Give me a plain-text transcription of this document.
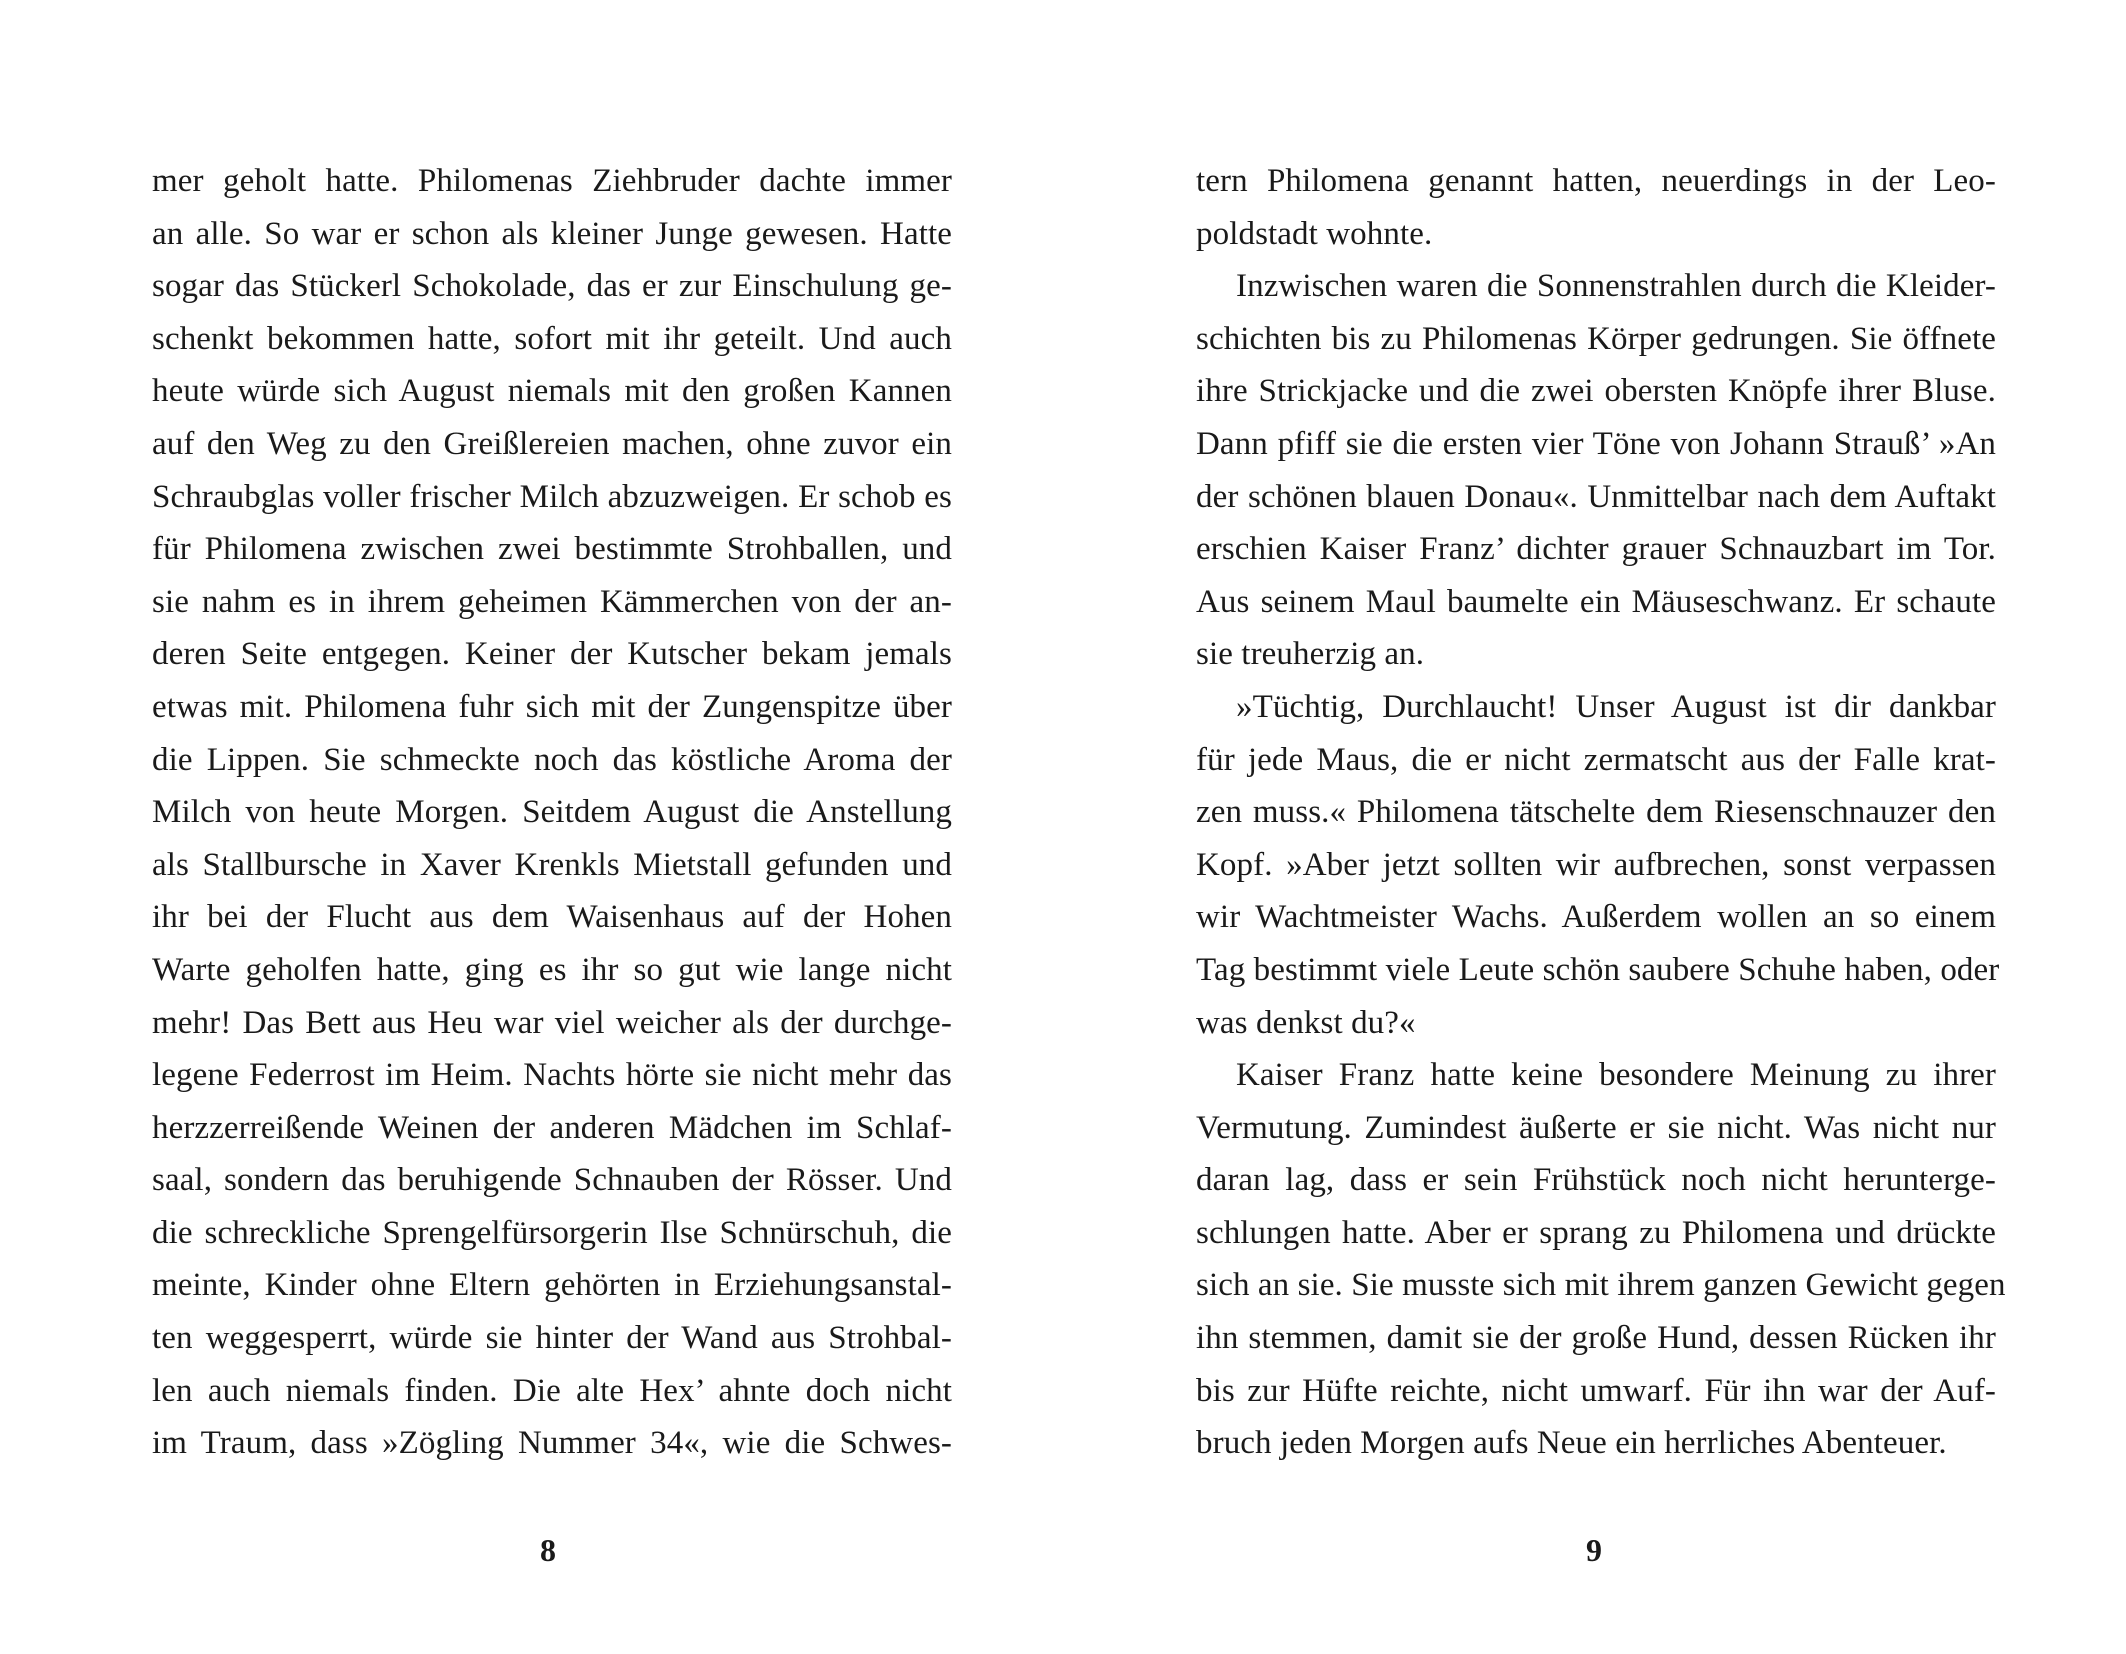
mer geholt hatte. Philomenas Ziehbruder dachte immer
an alle. So war er schon als kleiner Junge gewesen. Hatte
sogar das Stückerl Schokolade, das er zur Einschulung ge-
schenkt bekommen hatte, sofort mit ihr geteilt. Und auch
heute würde sich August niemals mit den großen Kannen
auf den Weg zu den Greißlereien machen, ohne zuvor ein
Schraubglas voller frischer Milch abzuzweigen. Er schob es
für Philomena zwischen zwei bestimmte Strohballen, und
sie nahm es in ihrem geheimen Kämmerchen von der an-
deren Seite entgegen. Keiner der Kutscher bekam jemals
etwas mit. Philomena fuhr sich mit der Zungenspitze über
die Lippen. Sie schmeckte noch das köstliche Aroma der
Milch von heute Morgen. Seitdem August die Anstellung
als Stallbursche in Xaver Krenkls Mietstall gefunden und
ihr bei der Flucht aus dem Waisenhaus auf der Hohen
Warte geholfen hatte, ging es ihr so gut wie lange nicht
mehr! Das Bett aus Heu war viel weicher als der durchge-
legene Federrost im Heim. Nachts hörte sie nicht mehr das
herzzerreißende Weinen der anderen Mädchen im Schlaf-
saal, sondern das beruhigende Schnauben der Rösser. Und
die schreckliche Sprengelfürsorgerin Ilse Schnürschuh, die
meinte, Kinder ohne Eltern gehörten in Erziehungsanstal-
ten weggesperrt, würde sie hinter der Wand aus Strohbal-
len auch niemals finden. Die alte Hex’ ahnte doch nicht
im Traum, dass »Zögling Nummer 34«, wie die Schwes-
8
tern Philomena genannt hatten, neuerdings in der Leo-
poldstadt wohnte.
Inzwischen waren die Sonnenstrahlen durch die Kleider-
schichten bis zu Philomenas Körper gedrungen. Sie öffnete
ihre Strickjacke und die zwei obersten Knöpfe ihrer Bluse.
Dann pfiff sie die ersten vier Töne von Johann Strauß’ »An
der schönen blauen Donau«. Unmittelbar nach dem Auftakt
erschien Kaiser Franz’ dichter grauer Schnauzbart im Tor.
Aus seinem Maul baumelte ein Mäuseschwanz. Er schaute
sie treuherzig an.
»Tüchtig, Durchlaucht! Unser August ist dir dankbar
für jede Maus, die er nicht zermatscht aus der Falle krat-
zen muss.« Philomena tätschelte dem Riesenschnauzer den
Kopf. »Aber jetzt sollten wir aufbrechen, sonst verpassen
wir Wachtmeister Wachs. Außerdem wollen an so einem
Tag bestimmt viele Leute schön saubere Schuhe haben, oder
was denkst du?«
Kaiser Franz hatte keine besondere Meinung zu ihrer
Vermutung. Zumindest äußerte er sie nicht. Was nicht nur
daran lag, dass er sein Frühstück noch nicht herunterge-
schlungen hatte. Aber er sprang zu Philomena und drückte
sich an sie. Sie musste sich mit ihrem ganzen Gewicht gegen
ihn stemmen, damit sie der große Hund, dessen Rücken ihr
bis zur Hüfte reichte, nicht umwarf. Für ihn war der Auf-
bruch jeden Morgen aufs Neue ein herrliches Abenteuer.
9
